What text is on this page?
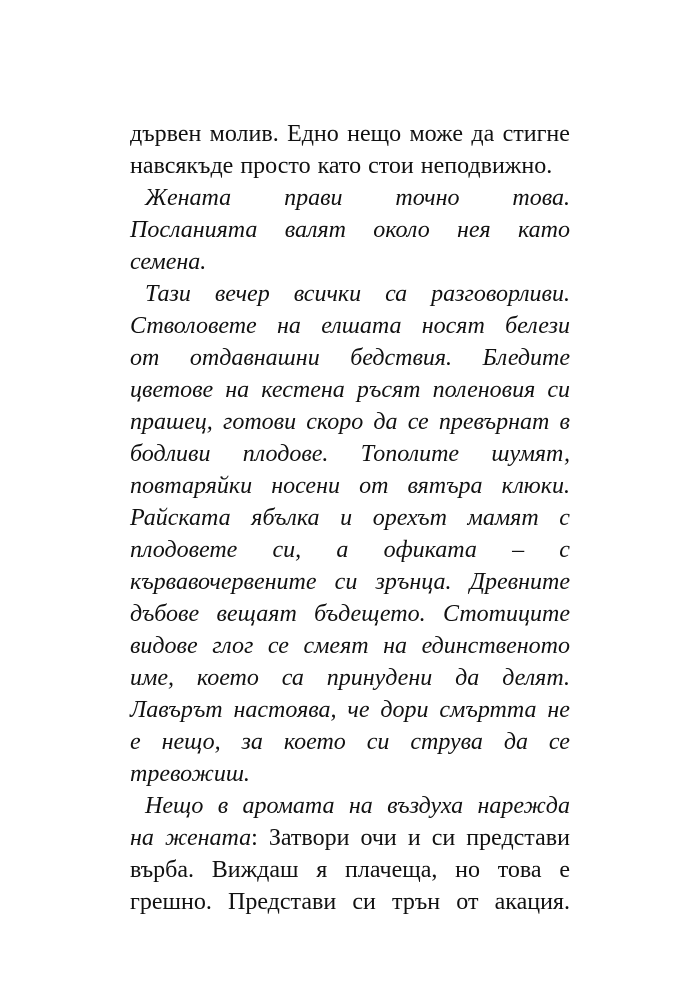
дървен молив. Едно нещо може да стигне
навсякъде просто като стои неподвижно.
Жената прави точно това.
Посланията валят около нея като
семена.
Тази вечер всички са разговорливи.
Стволовете на елшата носят белези
от отдавнашни бедствия. Бледите
цветове на кестена ръсят поленовия си
прашец, готови скоро да се превърнат в
бодливи плодове. Тополите шумят,
повтаряйки носени от вятъра клюки.
Райската ябълка и орехът мамят с
плодовете си, а офиката – с
кървавочервените си зрънца. Древните
дъбове вещаят бъдещето. Стотиците
видове глог се смеят на единственото
име, което са принудени да делят.
Лавърът настоява, че дори смъртта не
е нещо, за което си струва да се
тревожиш.
Нещо в аромата на въздуха нарежда
на жената: Затвори очи и си представи
върба. Виждаш я плачеща, но това е
грешно. Представи си трън от акация.
